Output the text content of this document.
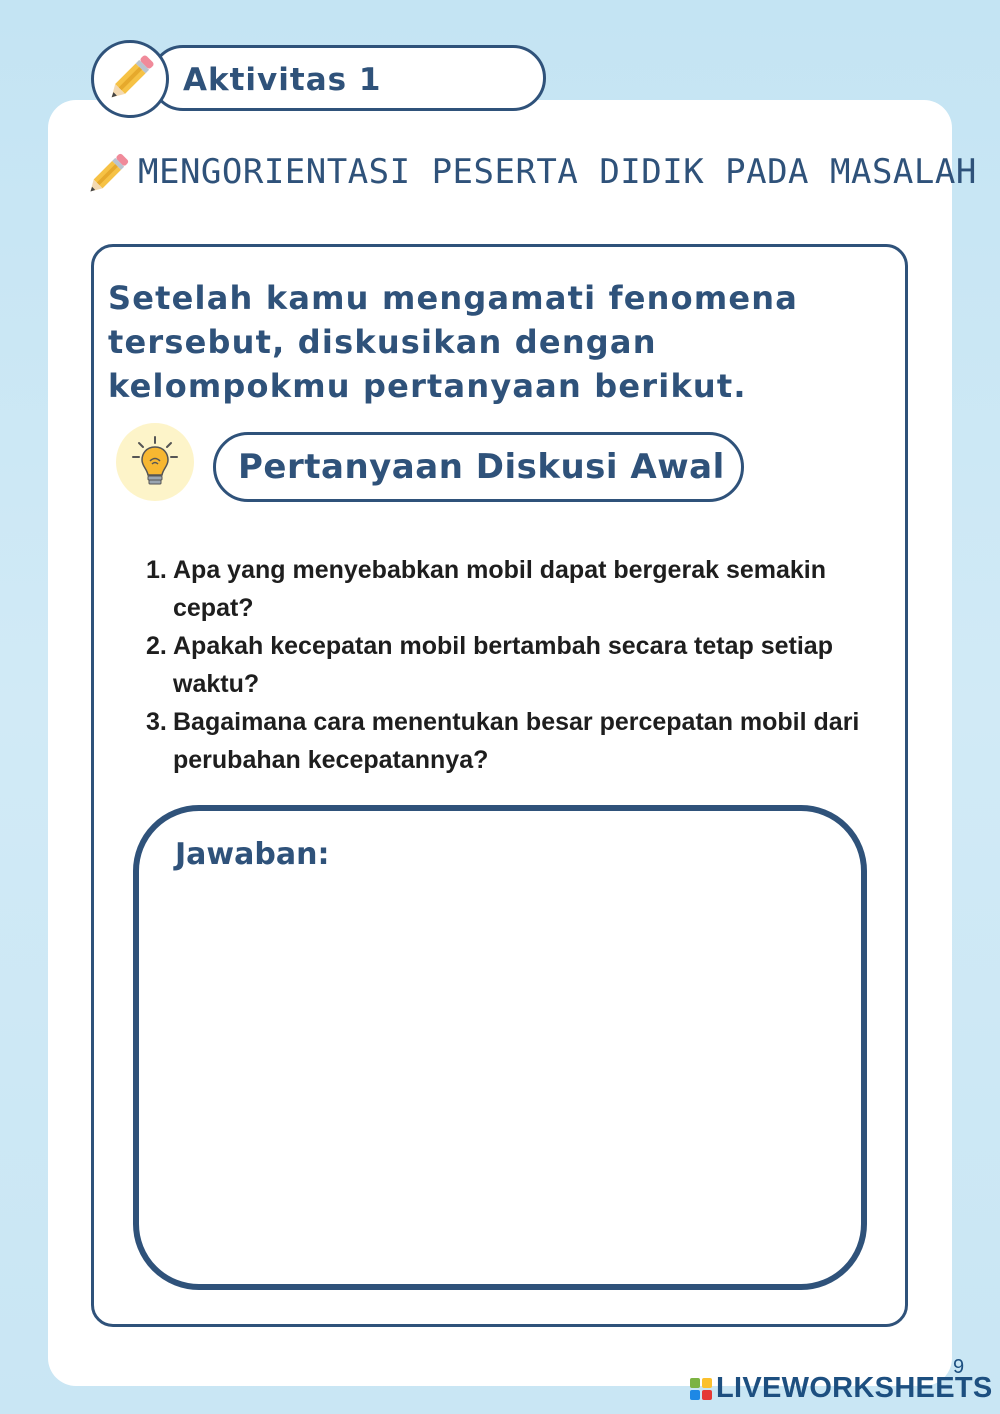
Aktivitas 1
MENGORIENTASI PESERTA DIDIK PADA MASALAH

Setelah kamu mengamati fenomena tersebut, diskusikan dengan kelompokmu pertanyaan berikut.

Pertanyaan Diskusi Awal
1. Apa yang menyebabkan mobil dapat bergerak semakin cepat?
2. Apakah kecepatan mobil bertambah secara tetap setiap waktu?
3. Bagaimana cara menentukan besar percepatan mobil dari perubahan kecepatannya?
Jawaban:
LIVEWORKSHEETS
9
